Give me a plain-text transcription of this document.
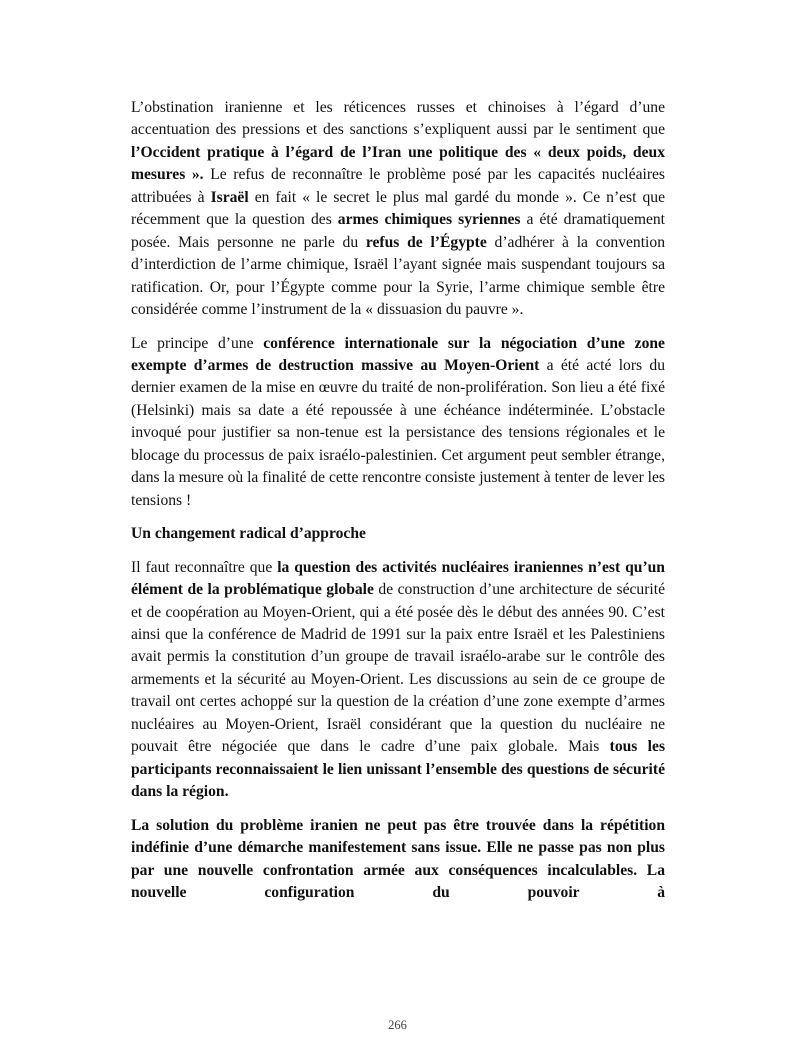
L’obstination iranienne et les réticences russes et chinoises à l’égard d’une accentuation des pressions et des sanctions s’expliquent aussi par le sentiment que l’Occident pratique à l’égard de l’Iran une politique des « deux poids, deux mesures ». Le refus de reconnaître le problème posé par les capacités nucléaires attribuées à Israël en fait « le secret le plus mal gardé du monde ». Ce n’est que récemment que la question des armes chimiques syriennes a été dramatiquement posée. Mais personne ne parle du refus de l’Égypte d’adhérer à la convention d’interdiction de l’arme chimique, Israël l’ayant signée mais suspendant toujours sa ratification. Or, pour l’Égypte comme pour la Syrie, l’arme chimique semble être considérée comme l’instrument de la « dissuasion du pauvre ».

Le principe d’une conférence internationale sur la négociation d’une zone exempte d’armes de destruction massive au Moyen-Orient a été acté lors du dernier examen de la mise en œuvre du traité de non-prolifération. Son lieu a été fixé (Helsinki) mais sa date a été repoussée à une échéance indéterminée. L’obstacle invoqué pour justifier sa non-tenue est la persistance des tensions régionales et le blocage du processus de paix israélo-palestinien. Cet argument peut sembler étrange, dans la mesure où la finalité de cette rencontre consiste justement à tenter de lever les tensions !

Un changement radical d’approche

Il faut reconnaître que la question des activités nucléaires iraniennes n’est qu’un élément de la problématique globale de construction d’une architecture de sécurité et de coopération au Moyen-Orient, qui a été posée dès le début des années 90. C’est ainsi que la conférence de Madrid de 1991 sur la paix entre Israël et les Palestiniens avait permis la constitution d’un groupe de travail israélo-arabe sur le contrôle des armements et la sécurité au Moyen-Orient. Les discussions au sein de ce groupe de travail ont certes achoppé sur la question de la création d’une zone exempte d’armes nucléaires au Moyen-Orient, Israël considérant que la question du nucléaire ne pouvait être négociée que dans le cadre d’une paix globale. Mais tous les participants reconnaissaient le lien unissant l’ensemble des questions de sécurité dans la région.

La solution du problème iranien ne peut pas être trouvée dans la répétition indéfinie d’une démarche manifestement sans issue. Elle ne passe pas non plus par une nouvelle confrontation armée aux conséquences incalculables. La nouvelle configuration du pouvoir à

266
